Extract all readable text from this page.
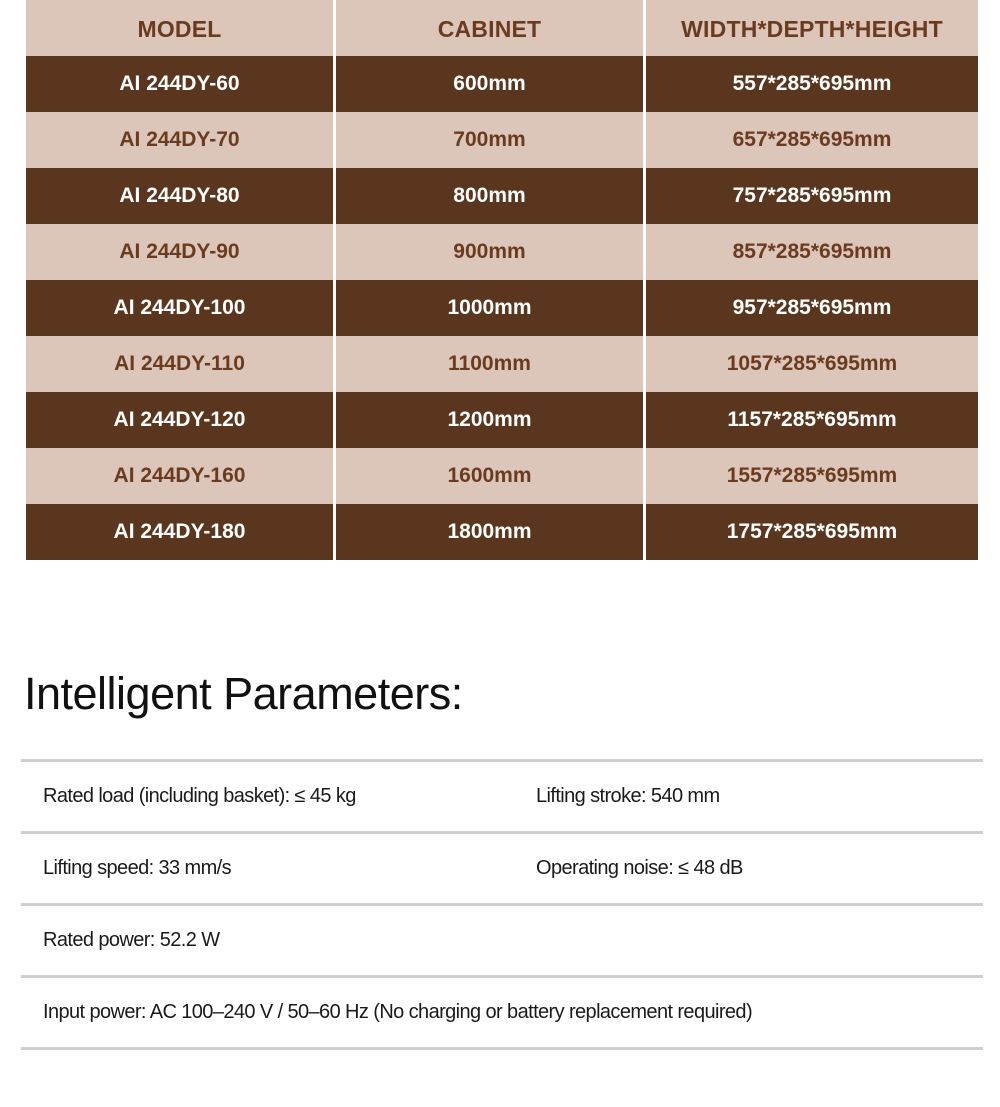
MODEL	CABINET	WIDTH*DEPTH*HEIGHT
AI 244DY-60	600mm	557*285*695mm
AI 244DY-70	700mm	657*285*695mm
AI 244DY-80	800mm	757*285*695mm
AI 244DY-90	900mm	857*285*695mm
AI 244DY-100	1000mm	957*285*695mm
AI 244DY-110	1100mm	1057*285*695mm
AI 244DY-120	1200mm	1157*285*695mm
AI 244DY-160	1600mm	1557*285*695mm
AI 244DY-180	1800mm	1757*285*695mm
Intelligent Parameters:
Rated load (including basket): ≤ 45 kg	Lifting stroke: 540 mm
Lifting speed: 33 mm/s	Operating noise: ≤ 48 dB
Rated power: 52.2 W
Input power: AC 100–240 V / 50–60 Hz (No charging or battery replacement required)
